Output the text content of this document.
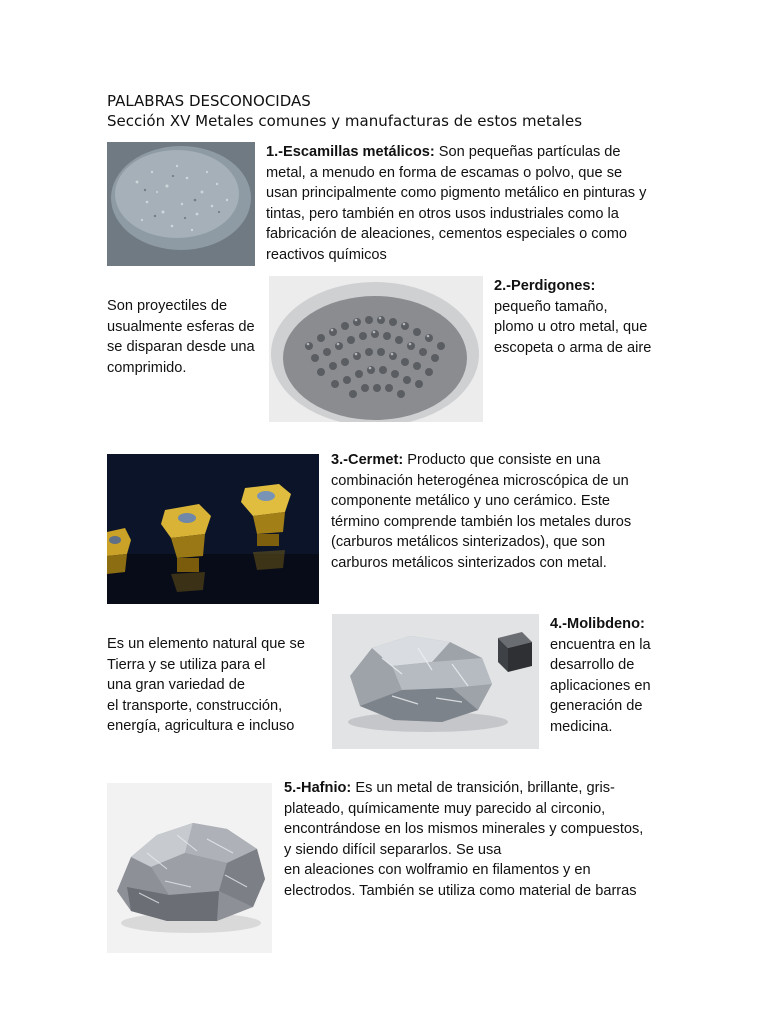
PALABRAS DESCONOCIDAS
Sección XV Metales comunes y manufacturas de estos metales
1.-Escamillas metálicos: Son pequeñas partículas de
metal, a menudo en forma de escamas o polvo, que se
usan principalmente como pigmento metálico en pinturas y
tintas, pero también en otros usos industriales como la
fabricación de aleaciones, cementos especiales o como
reactivos químicos
Son proyectiles de
usualmente esferas de
se disparan desde una
comprimido.
2.-Perdigones:
pequeño tamaño,
plomo u otro metal, que
escopeta o arma de aire
3.-Cermet: Producto que consiste en una
combinación heterogénea microscópica de un
componente metálico y uno cerámico. Este
término comprende también los metales duros
(carburos metálicos sinterizados), que son
carburos metálicos sinterizados con metal.
Es un elemento natural que se
Tierra y se utiliza para el
una gran variedad de
el transporte, construcción,
energía, agricultura e incluso
4.-Molibdeno:
encuentra en la
desarrollo de
aplicaciones en
generación de
medicina.
5.-Hafnio: Es un metal de transición, brillante, gris-
plateado, químicamente muy parecido al circonio,
encontrándose en los mismos minerales y compuestos,
y siendo difícil separarlos. Se usa
en aleaciones con wolframio en filamentos y en
electrodos. También se utiliza como material de barras
